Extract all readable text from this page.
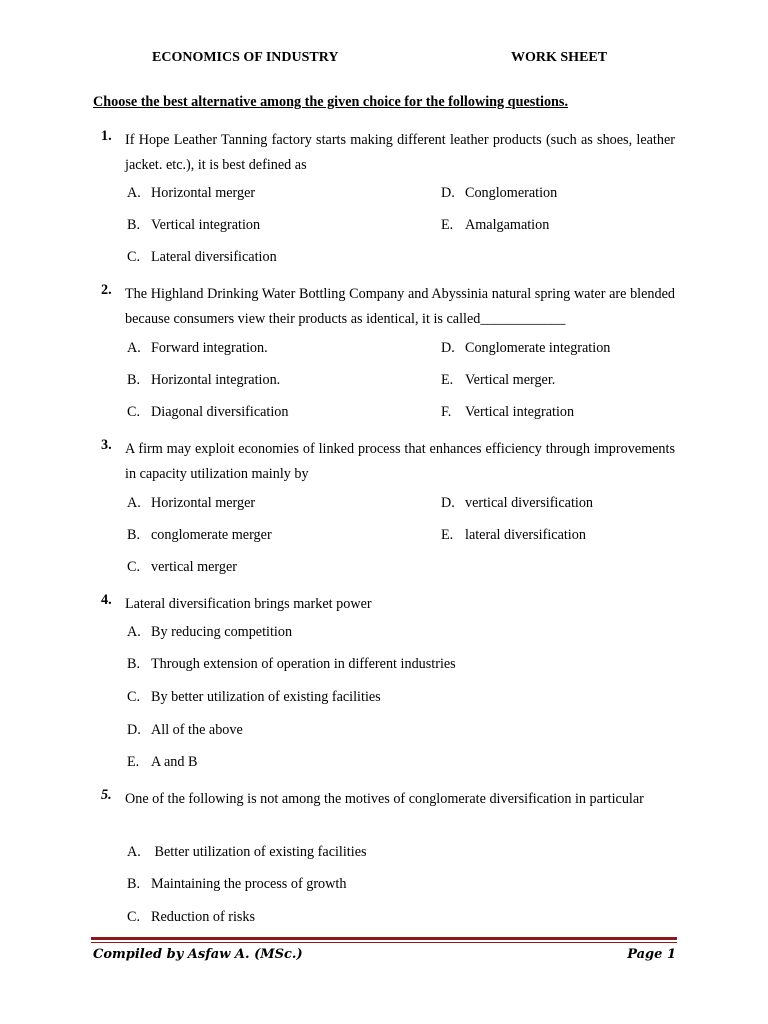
ECONOMICS OF INDUSTRY	WORK SHEET
Choose the best alternative among the given choice for the following questions.
1. If Hope Leather Tanning factory starts making different leather products (such as shoes, leather jacket. etc.), it is best defined as
A. Horizontal merger
B. Vertical integration
C. Lateral diversification
D. Conglomeration
E. Amalgamation
2. The Highland Drinking Water Bottling Company and Abyssinia natural spring water are blended because consumers view their products as identical, it is called____________
A. Forward integration.
B. Horizontal integration.
C. Diagonal diversification
D. Conglomerate integration
E. Vertical merger.
F. Vertical integration
3. A firm may exploit economies of linked process that enhances efficiency through improvements in capacity utilization mainly by
A. Horizontal merger
B. conglomerate merger
C. vertical merger
D. vertical diversification
E. lateral diversification
4. Lateral diversification brings market power
A. By reducing competition
B. Through extension of operation in different industries
C. By better utilization of existing facilities
D. All of the above
E. A and B
5. One of the following is not among the motives of conglomerate diversification in particular
A. Better utilization of existing facilities
B. Maintaining the process of growth
C. Reduction of risks
Compiled by Asfaw A. (MSc.)	Page 1
